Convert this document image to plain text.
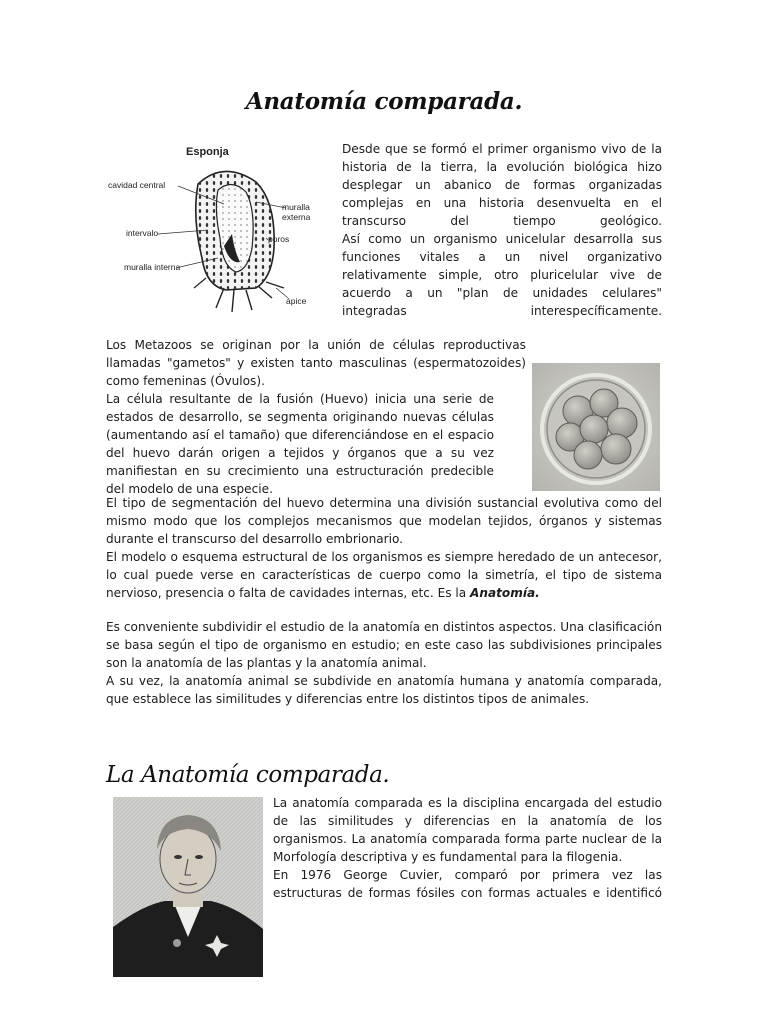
Anatomía comparada.
Esponja
cavidad central
muralla externa
intervalo
poros
muralla interna
ápice

Desde que se formó el primer organismo vivo de la historia de la tierra, la evolución biológica hizo desplegar un abanico de formas organizadas complejas en una historia desenvuelta en el transcurso del tiempo geológico.

Así como un organismo unicelular desarrolla sus funciones vitales a un nivel organizativo relativamente simple, otro pluricelular vive de acuerdo a un "plan de unidades celulares" integradas interespecíficamente.

Los Metazoos se originan por la unión de células reproductivas llamadas "gametos" y existen tanto masculinas (espermatozoides) como femeninas (Óvulos).

La célula resultante de la fusión (Huevo) inicia una serie de estados de desarrollo, se segmenta originando nuevas células (aumentando así el tamaño) que diferenciándose en el espacio del huevo darán origen a tejidos y órganos que a su vez manifiestan en su crecimiento una estructuración predecible del modelo de una especie.

El tipo de segmentación del huevo determina una división sustancial evolutiva como del mismo modo que los complejos mecanismos que modelan tejidos, órganos y sistemas durante el transcurso del desarrollo embrionario.

El modelo o esquema estructural de los organismos es siempre heredado de un antecesor, lo cual puede verse en características de cuerpo como la simetría, el tipo de sistema nervioso, presencia o falta de cavidades internas, etc. Es la Anatomía.

Es conveniente subdividir el estudio de la anatomía en distintos aspectos. Una clasificación se basa según el tipo de organismo en estudio; en este caso las subdivisiones principales son la anatomía de las plantas y la anatomía animal.

A su vez, la anatomía animal se subdivide en anatomía humana y anatomía comparada, que establece las similitudes y diferencias entre los distintos tipos de animales.

La Anatomía comparada.

La anatomía comparada es la disciplina encargada del estudio de las similitudes y diferencias en la anatomía de los organismos. La anatomía comparada forma parte nuclear de la Morfología descriptiva y es fundamental para la filogenia.

En 1976 George Cuvier, comparó por primera vez las estructuras de formas fósiles con formas actuales e identificó
